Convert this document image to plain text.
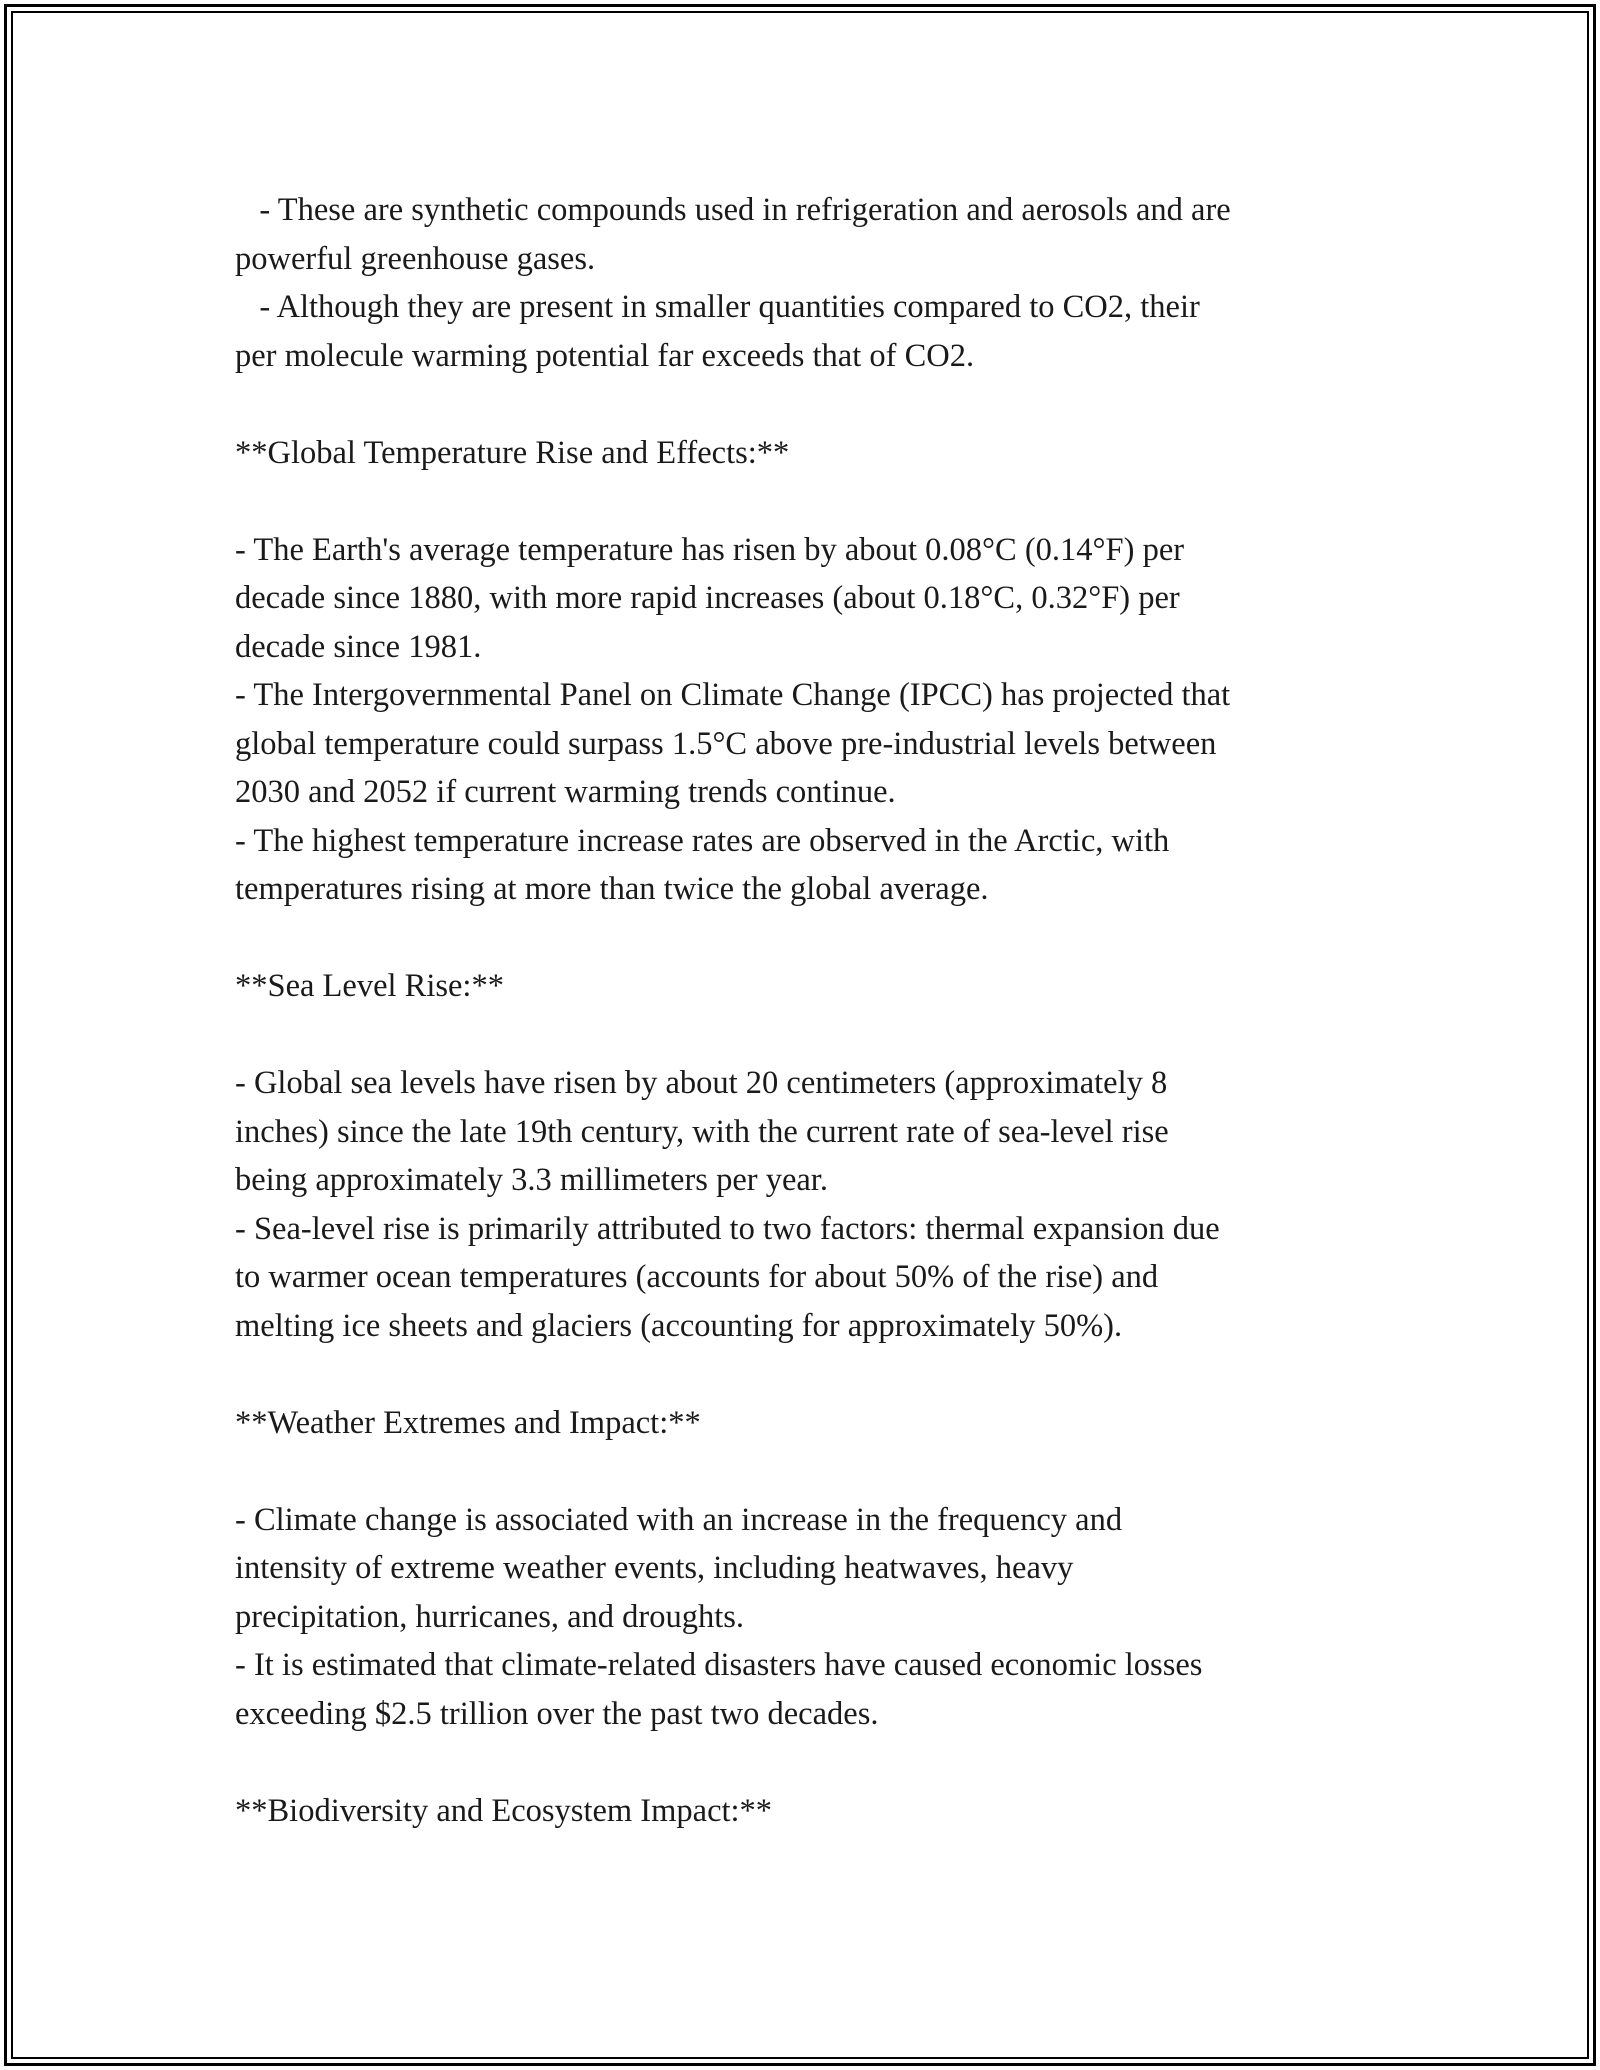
- These are synthetic compounds used in refrigeration and aerosols and are
powerful greenhouse gases.
- Although they are present in smaller quantities compared to CO2, their
per molecule warming potential far exceeds that of CO2.
**Global Temperature Rise and Effects:**
- The Earth's average temperature has risen by about 0.08°C (0.14°F) per
decade since 1880, with more rapid increases (about 0.18°C, 0.32°F) per
decade since 1981.
- The Intergovernmental Panel on Climate Change (IPCC) has projected that
global temperature could surpass 1.5°C above pre-industrial levels between
2030 and 2052 if current warming trends continue.
- The highest temperature increase rates are observed in the Arctic, with
temperatures rising at more than twice the global average.
**Sea Level Rise:**
- Global sea levels have risen by about 20 centimeters (approximately 8
inches) since the late 19th century, with the current rate of sea-level rise
being approximately 3.3 millimeters per year.
- Sea-level rise is primarily attributed to two factors: thermal expansion due
to warmer ocean temperatures (accounts for about 50% of the rise) and
melting ice sheets and glaciers (accounting for approximately 50%).
**Weather Extremes and Impact:**
- Climate change is associated with an increase in the frequency and
intensity of extreme weather events, including heatwaves, heavy
precipitation, hurricanes, and droughts.
- It is estimated that climate-related disasters have caused economic losses
exceeding $2.5 trillion over the past two decades.
**Biodiversity and Ecosystem Impact:**
